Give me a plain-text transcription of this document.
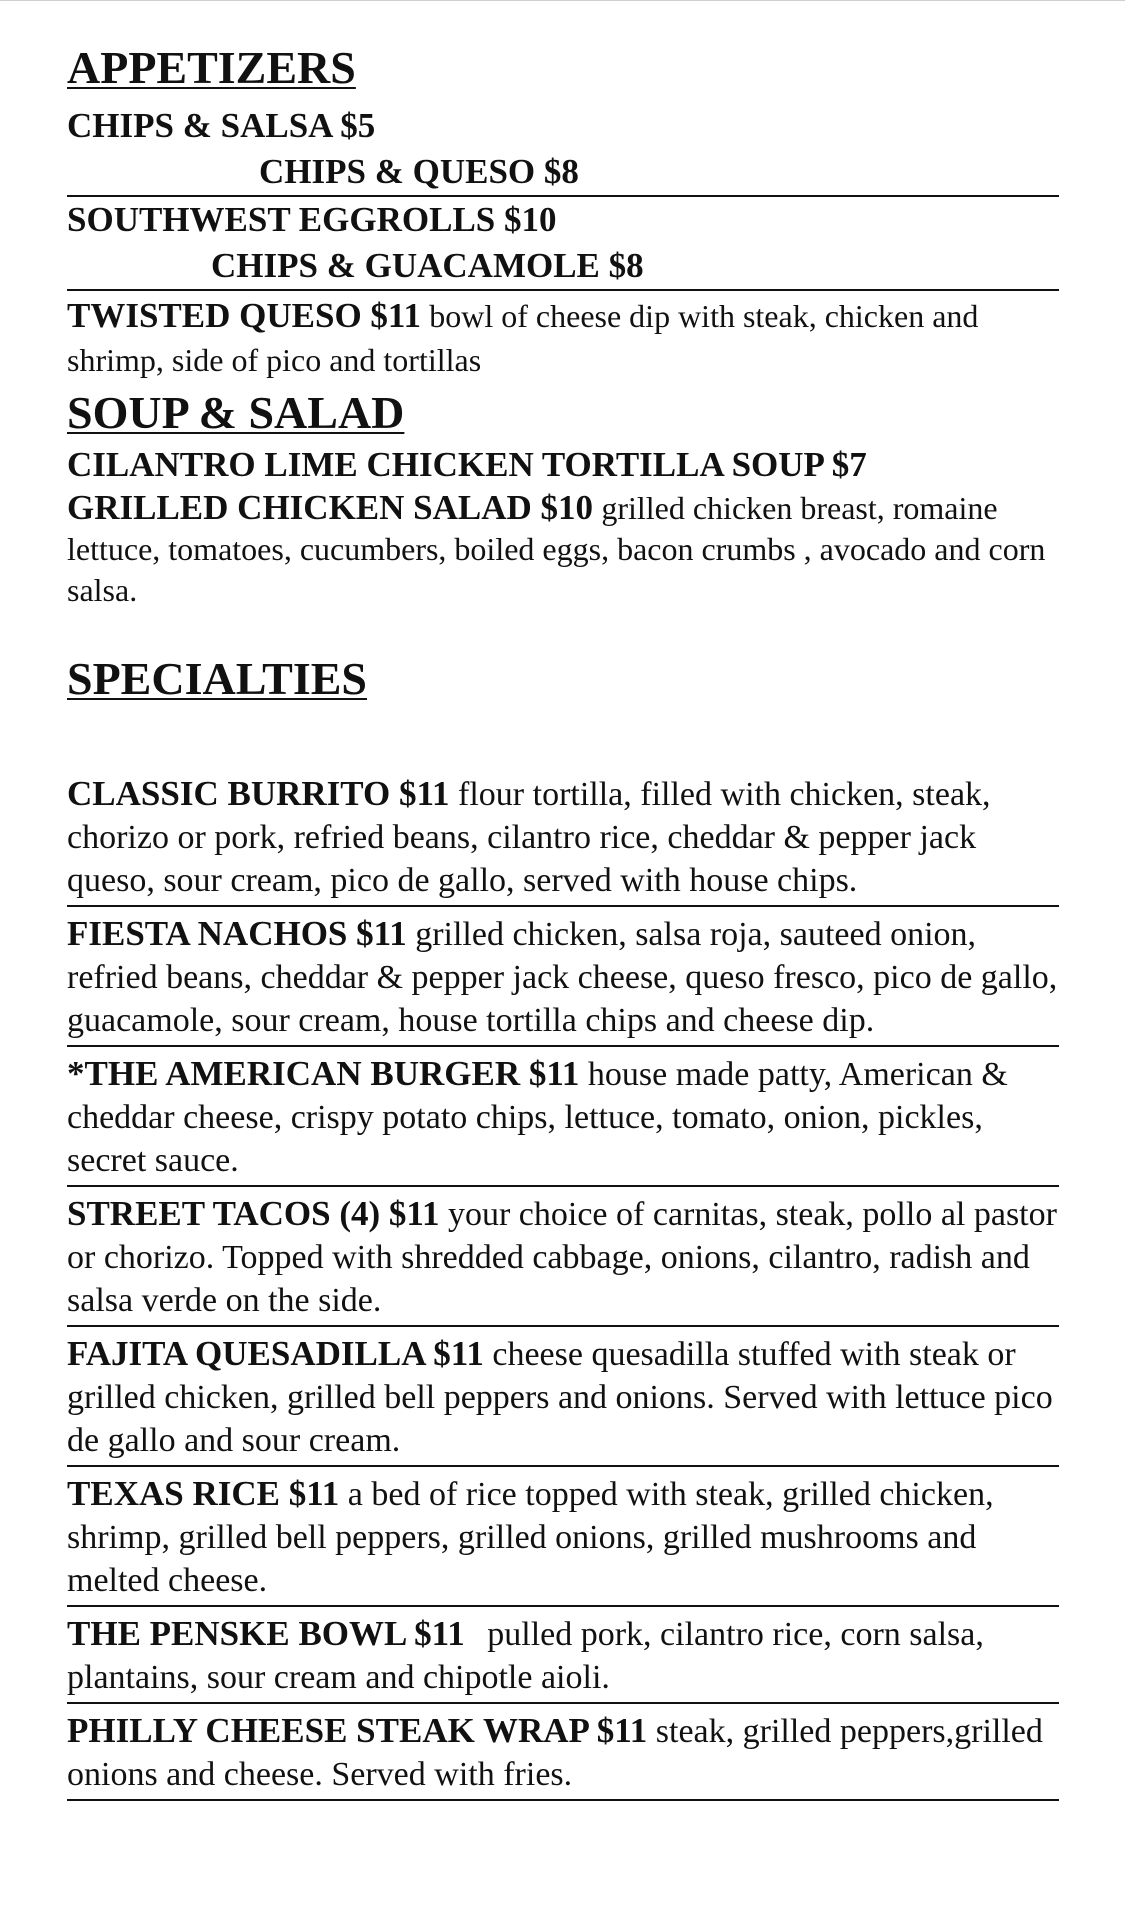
APPETIZERS
CHIPS & SALSA $5
CHIPS & QUESO $8
SOUTHWEST EGGROLLS $10
CHIPS & GUACAMOLE $8

TWISTED QUESO $11 bowl of cheese dip with steak, chicken and shrimp, side of pico and tortillas

SOUP & SALAD
CILANTRO LIME CHICKEN TORTILLA SOUP $7

GRILLED CHICKEN SALAD $10 grilled chicken breast, romaine lettuce, tomatoes, cucumbers, boiled eggs, bacon crumbs , avocado and corn salsa.

SPECIALTIES

CLASSIC BURRITO $11 flour tortilla, filled with chicken, steak, chorizo or pork, refried beans, cilantro rice, cheddar & pepper jack queso, sour cream, pico de gallo, served with house chips.

FIESTA NACHOS $11 grilled chicken, salsa roja, sauteed onion, refried beans, cheddar & pepper jack cheese, queso fresco, pico de gallo, guacamole, sour cream, house tortilla chips and cheese dip.

*THE AMERICAN BURGER $11 house made patty, American & cheddar cheese, crispy potato chips, lettuce, tomato, onion, pickles, secret sauce.

STREET TACOS (4) $11 your choice of carnitas, steak, pollo al pastor or chorizo. Topped with shredded cabbage, onions, cilantro, radish and salsa verde on the side.

FAJITA QUESADILLA $11 cheese quesadilla stuffed with steak or grilled chicken, grilled bell peppers and onions. Served with lettuce pico de gallo and sour cream.

TEXAS RICE $11 a bed of rice topped with steak, grilled chicken, shrimp, grilled bell peppers, grilled onions, grilled mushrooms and melted cheese.

THE PENSKE BOWL $11 pulled pork, cilantro rice, corn salsa, plantains, sour cream and chipotle aioli.

PHILLY CHEESE STEAK WRAP $11 steak, grilled peppers,grilled onions and cheese. Served with fries.
